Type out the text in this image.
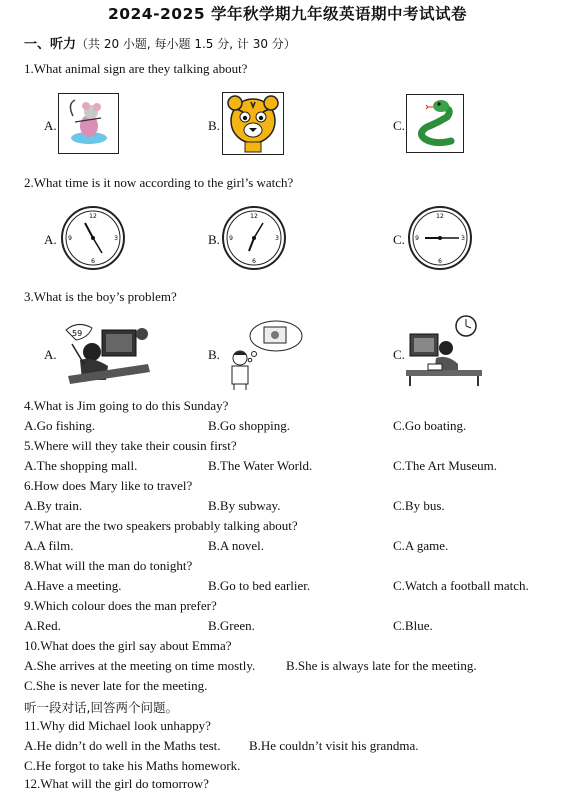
2024-2025 学年秋学期九年级英语期中考试试卷
一、听力（共 20 小题, 每小题 1.5 分, 计 30 分）
1.What animal sign are they talking about?
A.	B.	C.
2.What time is it now according to the girl’s watch?
A.
12
3
6
9	B.
12
3
6
9	C.
12
3
6
9
3.What is the boy’s problem?
A.
59
B.	C.
4.What is Jim going to do this Sunday?
A.Go fishing.	B.Go shopping.	C.Go boating.
5.Where will they take their cousin first?
A.The shopping mall.	B.The Water World.	C.The Art Museum.
6.How does Mary like to travel?
A.By train.	B.By subway.	C.By bus.
7.What are the two speakers probably talking about?
A.A film.	B.A novel.	C.A game.
8.What will the man do tonight?
A.Have a meeting.	B.Go to bed earlier.	C.Watch a football match.
9.Which colour does the man prefer?
A.Red.	B.Green.	C.Blue.
10.What does the girl say about Emma?
A.She arrives at the meeting on time mostly. B.She is always late for the meeting.
C.She is never late for the meeting.
听一段对话,回答两个问题。
11.Why did Michael look unhappy?
A.He didn’t do well in the Maths test. B.He couldn’t visit his grandma.
C.He forgot to take his Maths homework.
12.What will the girl do tomorrow?
